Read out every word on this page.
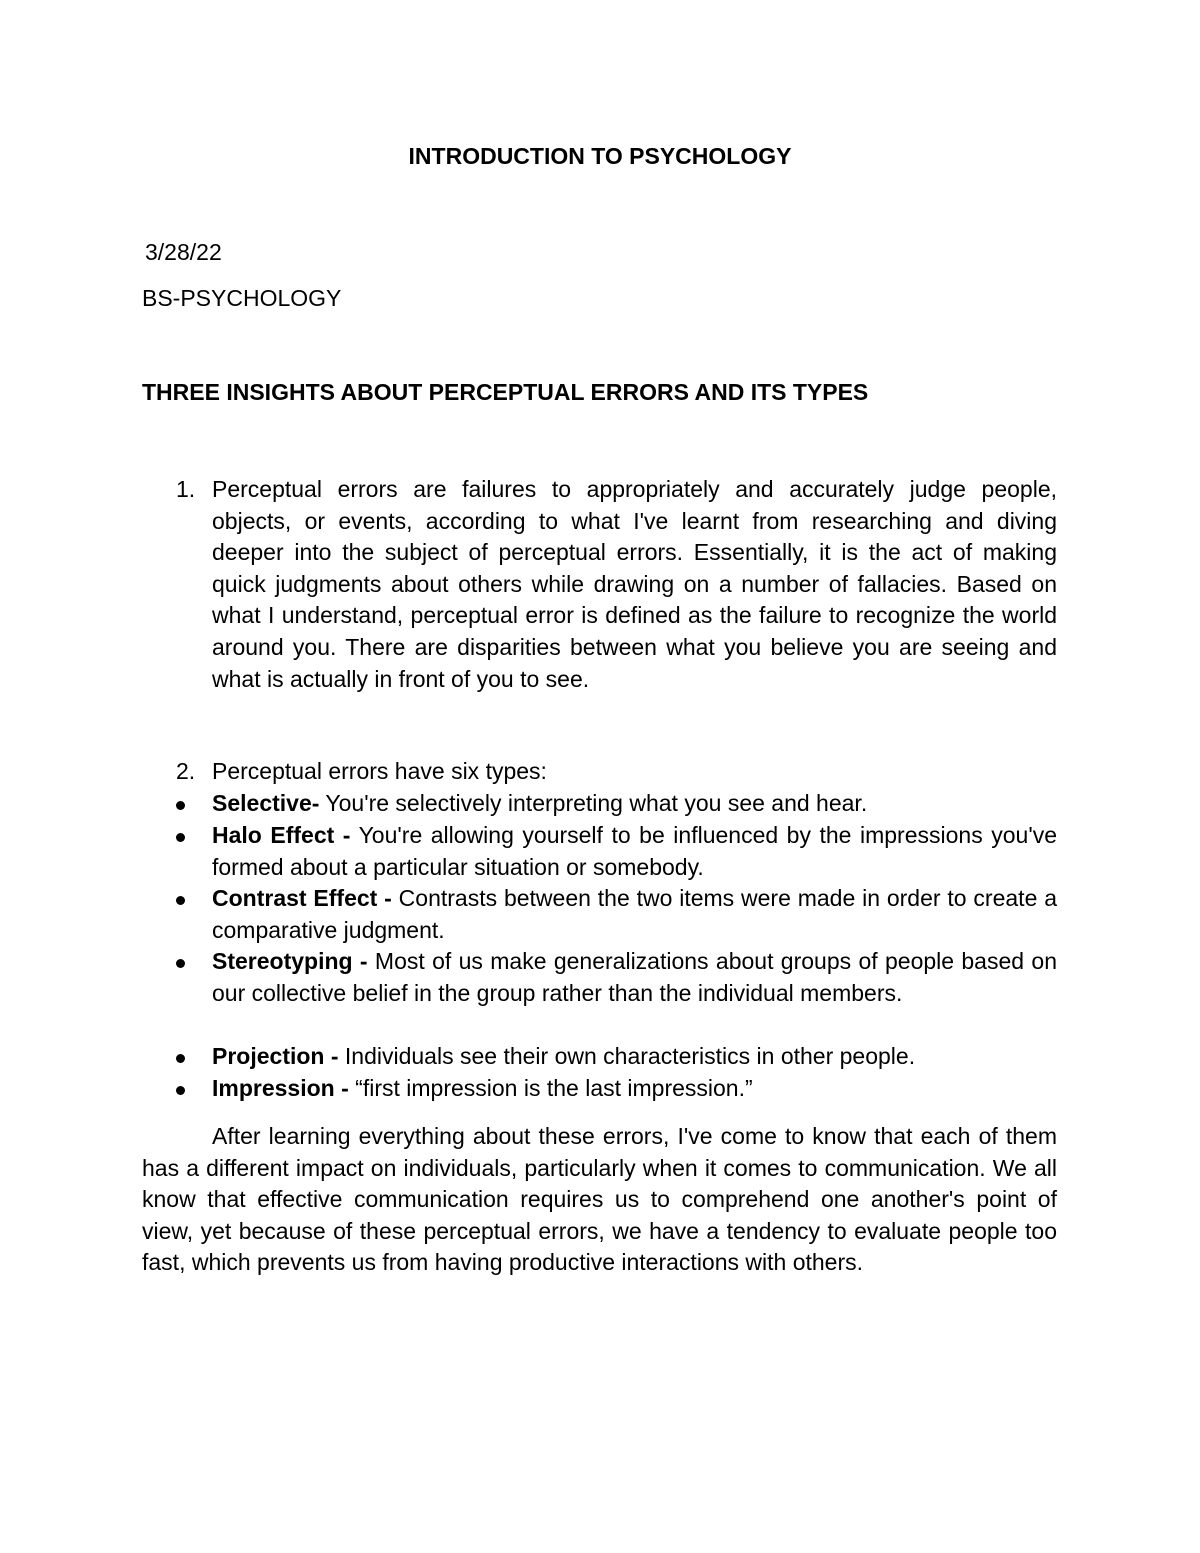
INTRODUCTION TO PSYCHOLOGY
3/28/22
BS-PSYCHOLOGY
THREE INSIGHTS ABOUT PERCEPTUAL ERRORS AND ITS TYPES
1. Perceptual errors are failures to appropriately and accurately judge people, objects, or events, according to what I've learnt from researching and diving deeper into the subject of perceptual errors. Essentially, it is the act of making quick judgments about others while drawing on a number of fallacies. Based on what I understand, perceptual error is defined as the failure to recognize the world around you. There are disparities between what you believe you are seeing and what is actually in front of you to see.
2. Perceptual errors have six types:
Selective- You're selectively interpreting what you see and hear.
Halo Effect - You're allowing yourself to be influenced by the impressions you've formed about a particular situation or somebody.
Contrast Effect - Contrasts between the two items were made in order to create a comparative judgment.
Stereotyping - Most of us make generalizations about groups of people based on our collective belief in the group rather than the individual members.
Projection - Individuals see their own characteristics in other people.
Impression - “first impression is the last impression.”
After learning everything about these errors, I've come to know that each of them has a different impact on individuals, particularly when it comes to communication. We all know that effective communication requires us to comprehend one another's point of view, yet because of these perceptual errors, we have a tendency to evaluate people too fast, which prevents us from having productive interactions with others.
